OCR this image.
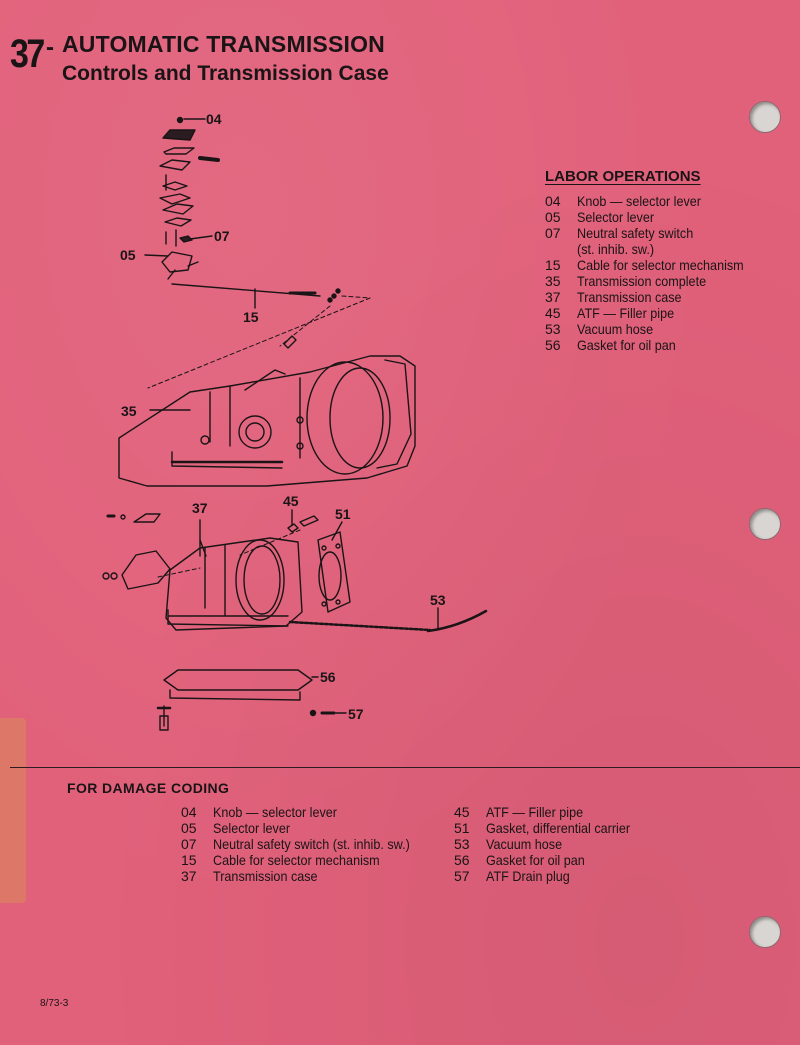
37 - AUTOMATIC TRANSMISSION
Controls and Transmission Case
04
07
05
15
35
37	45
51
53
56
57
LABOR OPERATIONS
04	Knob — selector lever
05	Selector lever
07	Neutral safety switch
(st. inhib. sw.)
15	Cable for selector mechanism
35	Transmission complete
37	Transmission case
45	ATF — Filler pipe
53	Vacuum hose
56	Gasket for oil pan
FOR DAMAGE CODING
04	Knob — selector lever
05	Selector lever
07	Neutral safety switch (st. inhib. sw.)
15	Cable for selector mechanism
37	Transmission case
45	ATF — Filler pipe
51	Gasket, differential carrier
53	Vacuum hose
56	Gasket for oil pan
57	ATF Drain plug
8/73-3
